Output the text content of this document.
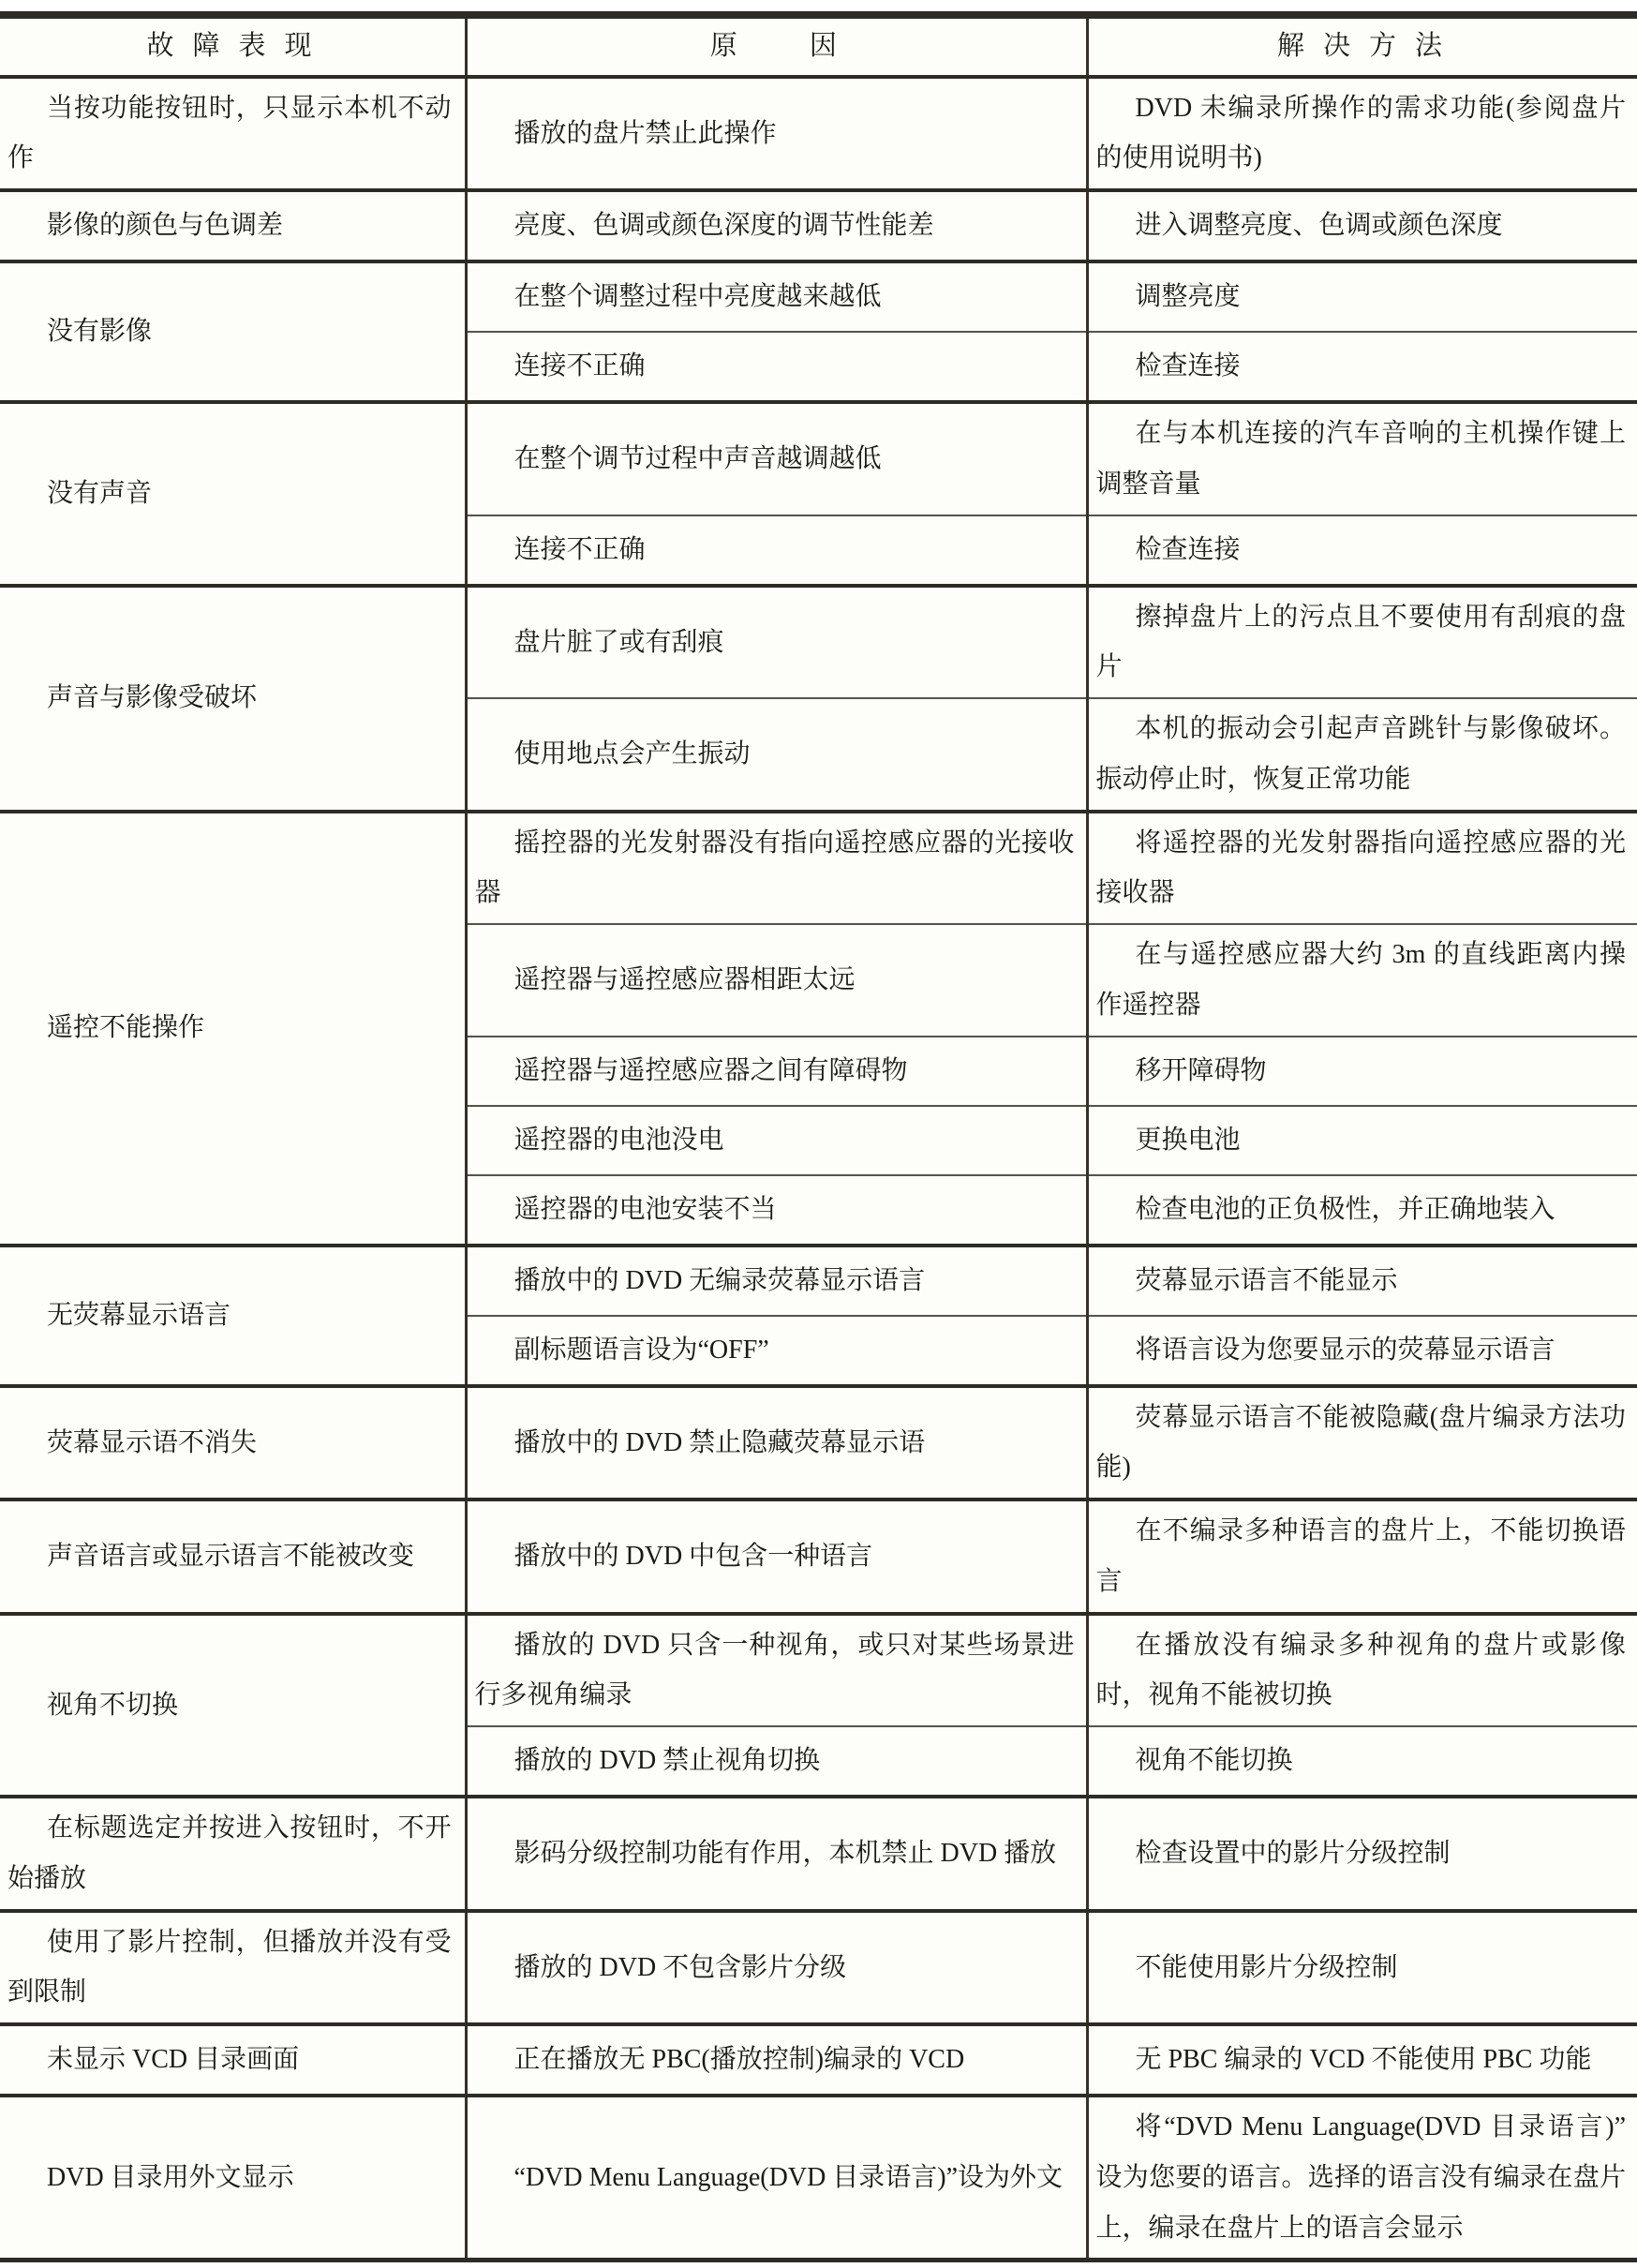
故 障 表 现	原　　因	解 决 方 法

当按功能按钮时，只显示本机不动作	播放的盘片禁止此操作	DVD 未编录所操作的需求功能(参阅盘片的使用说明书)

影像的颜色与色调差	亮度、色调或颜色深度的调节性能差	进入调整亮度、色调或颜色深度

没有影像	在整个调整过程中亮度越来越低	调整亮度

	连接不正确	检查连接

没有声音	在整个调节过程中声音越调越低	在与本机连接的汽车音响的主机操作键上调整音量

	连接不正确	检查连接

声音与影像受破坏	盘片脏了或有刮痕	擦掉盘片上的污点且不要使用有刮痕的盘片

	使用地点会产生振动	本机的振动会引起声音跳针与影像破坏。振动停止时，恢复正常功能

遥控不能操作	摇控器的光发射器没有指向遥控感应器的光接收器	将遥控器的光发射器指向遥控感应器的光接收器

	遥控器与遥控感应器相距太远	在与遥控感应器大约 3m 的直线距离内操作遥控器

	遥控器与遥控感应器之间有障碍物	移开障碍物

	遥控器的电池没电	更换电池

	遥控器的电池安装不当	检查电池的正负极性，并正确地装入

无荧幕显示语言	播放中的 DVD 无编录荧幕显示语言	荧幕显示语言不能显示

	副标题语言设为“OFF”	将语言设为您要显示的荧幕显示语言

荧幕显示语不消失	播放中的 DVD 禁止隐藏荧幕显示语	荧幕显示语言不能被隐藏(盘片编录方法功能)

声音语言或显示语言不能被改变	播放中的 DVD 中包含一种语言	在不编录多种语言的盘片上，不能切换语言

视角不切换	播放的 DVD 只含一种视角，或只对某些场景进行多视角编录	在播放没有编录多种视角的盘片或影像时，视角不能被切换

	播放的 DVD 禁止视角切换	视角不能切换

在标题选定并按进入按钮时，不开始播放	影码分级控制功能有作用，本机禁止 DVD 播放	检查设置中的影片分级控制

使用了影片控制，但播放并没有受到限制	播放的 DVD 不包含影片分级	不能使用影片分级控制

未显示 VCD 目录画面	正在播放无 PBC(播放控制)编录的 VCD	无 PBC 编录的 VCD 不能使用 PBC 功能

DVD 目录用外文显示	“DVD Menu Language(DVD 目录语言)”设为外文	将“DVD Menu Language(DVD 目录语言)”设为您要的语言。选择的语言没有编录在盘片上，编录在盘片上的语言会显示
